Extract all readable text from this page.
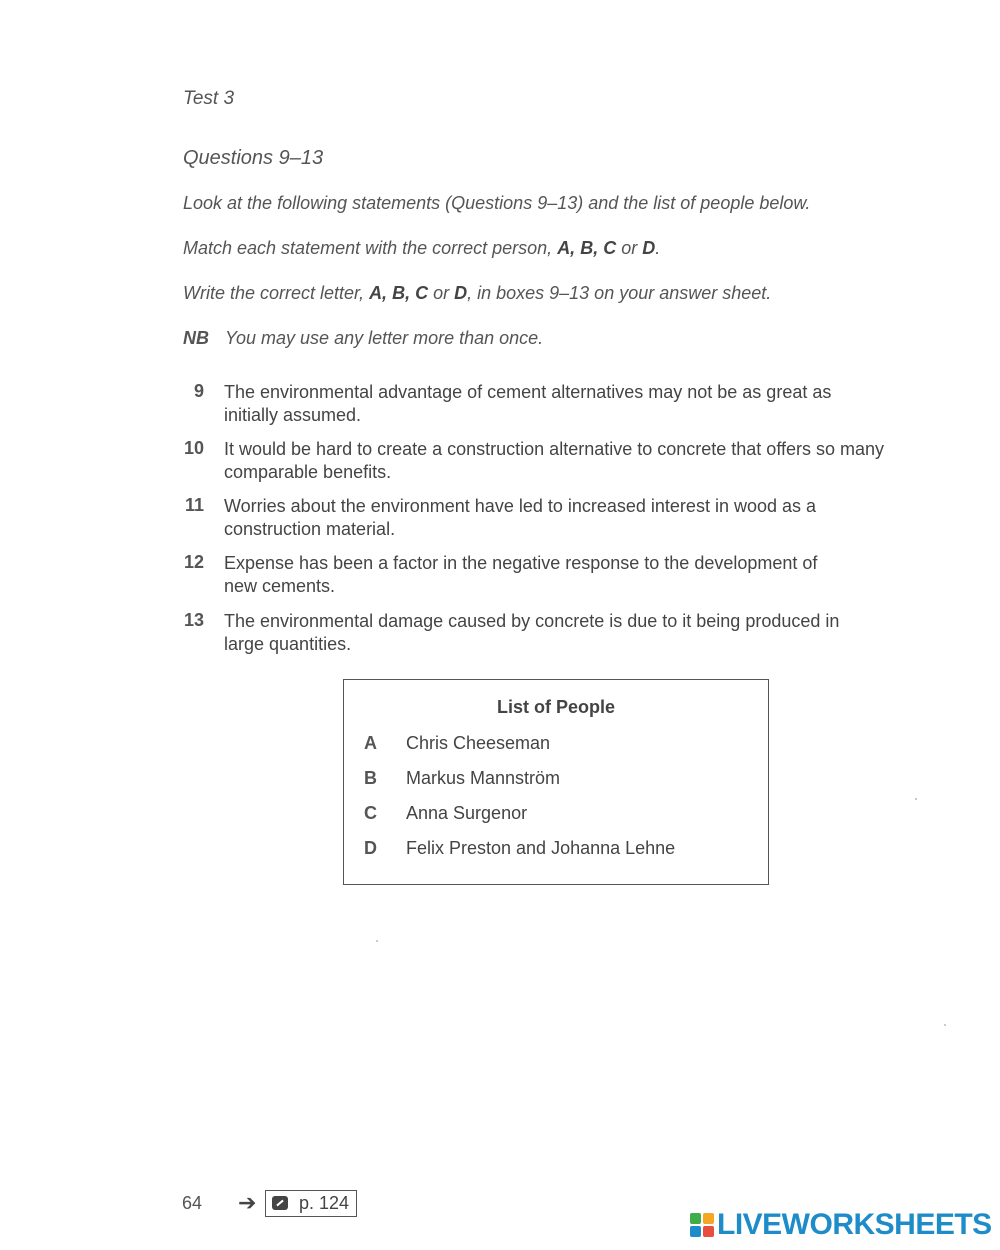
Test 3
Questions 9–13
Look at the following statements (Questions 9–13) and the list of people below.
Match each statement with the correct person, A, B, C or D.
Write the correct letter, A, B, C or D, in boxes 9–13 on your answer sheet.
NB You may use any letter more than once.
9 The environmental advantage of cement alternatives may not be as great as
initially assumed.
10 It would be hard to create a construction alternative to concrete that offers so many
comparable benefits.
11 Worries about the environment have led to increased interest in wood as a
construction material.
12 Expense has been a factor in the negative response to the development of
new cements.
13 The environmental damage caused by concrete is due to it being produced in
large quantities.
List of People
A Chris Cheeseman
B Markus Mannström
C Anna Surgenor
D Felix Preston and Johanna Lehne
64 ➔ p. 124
LIVEWORKSHEETS
